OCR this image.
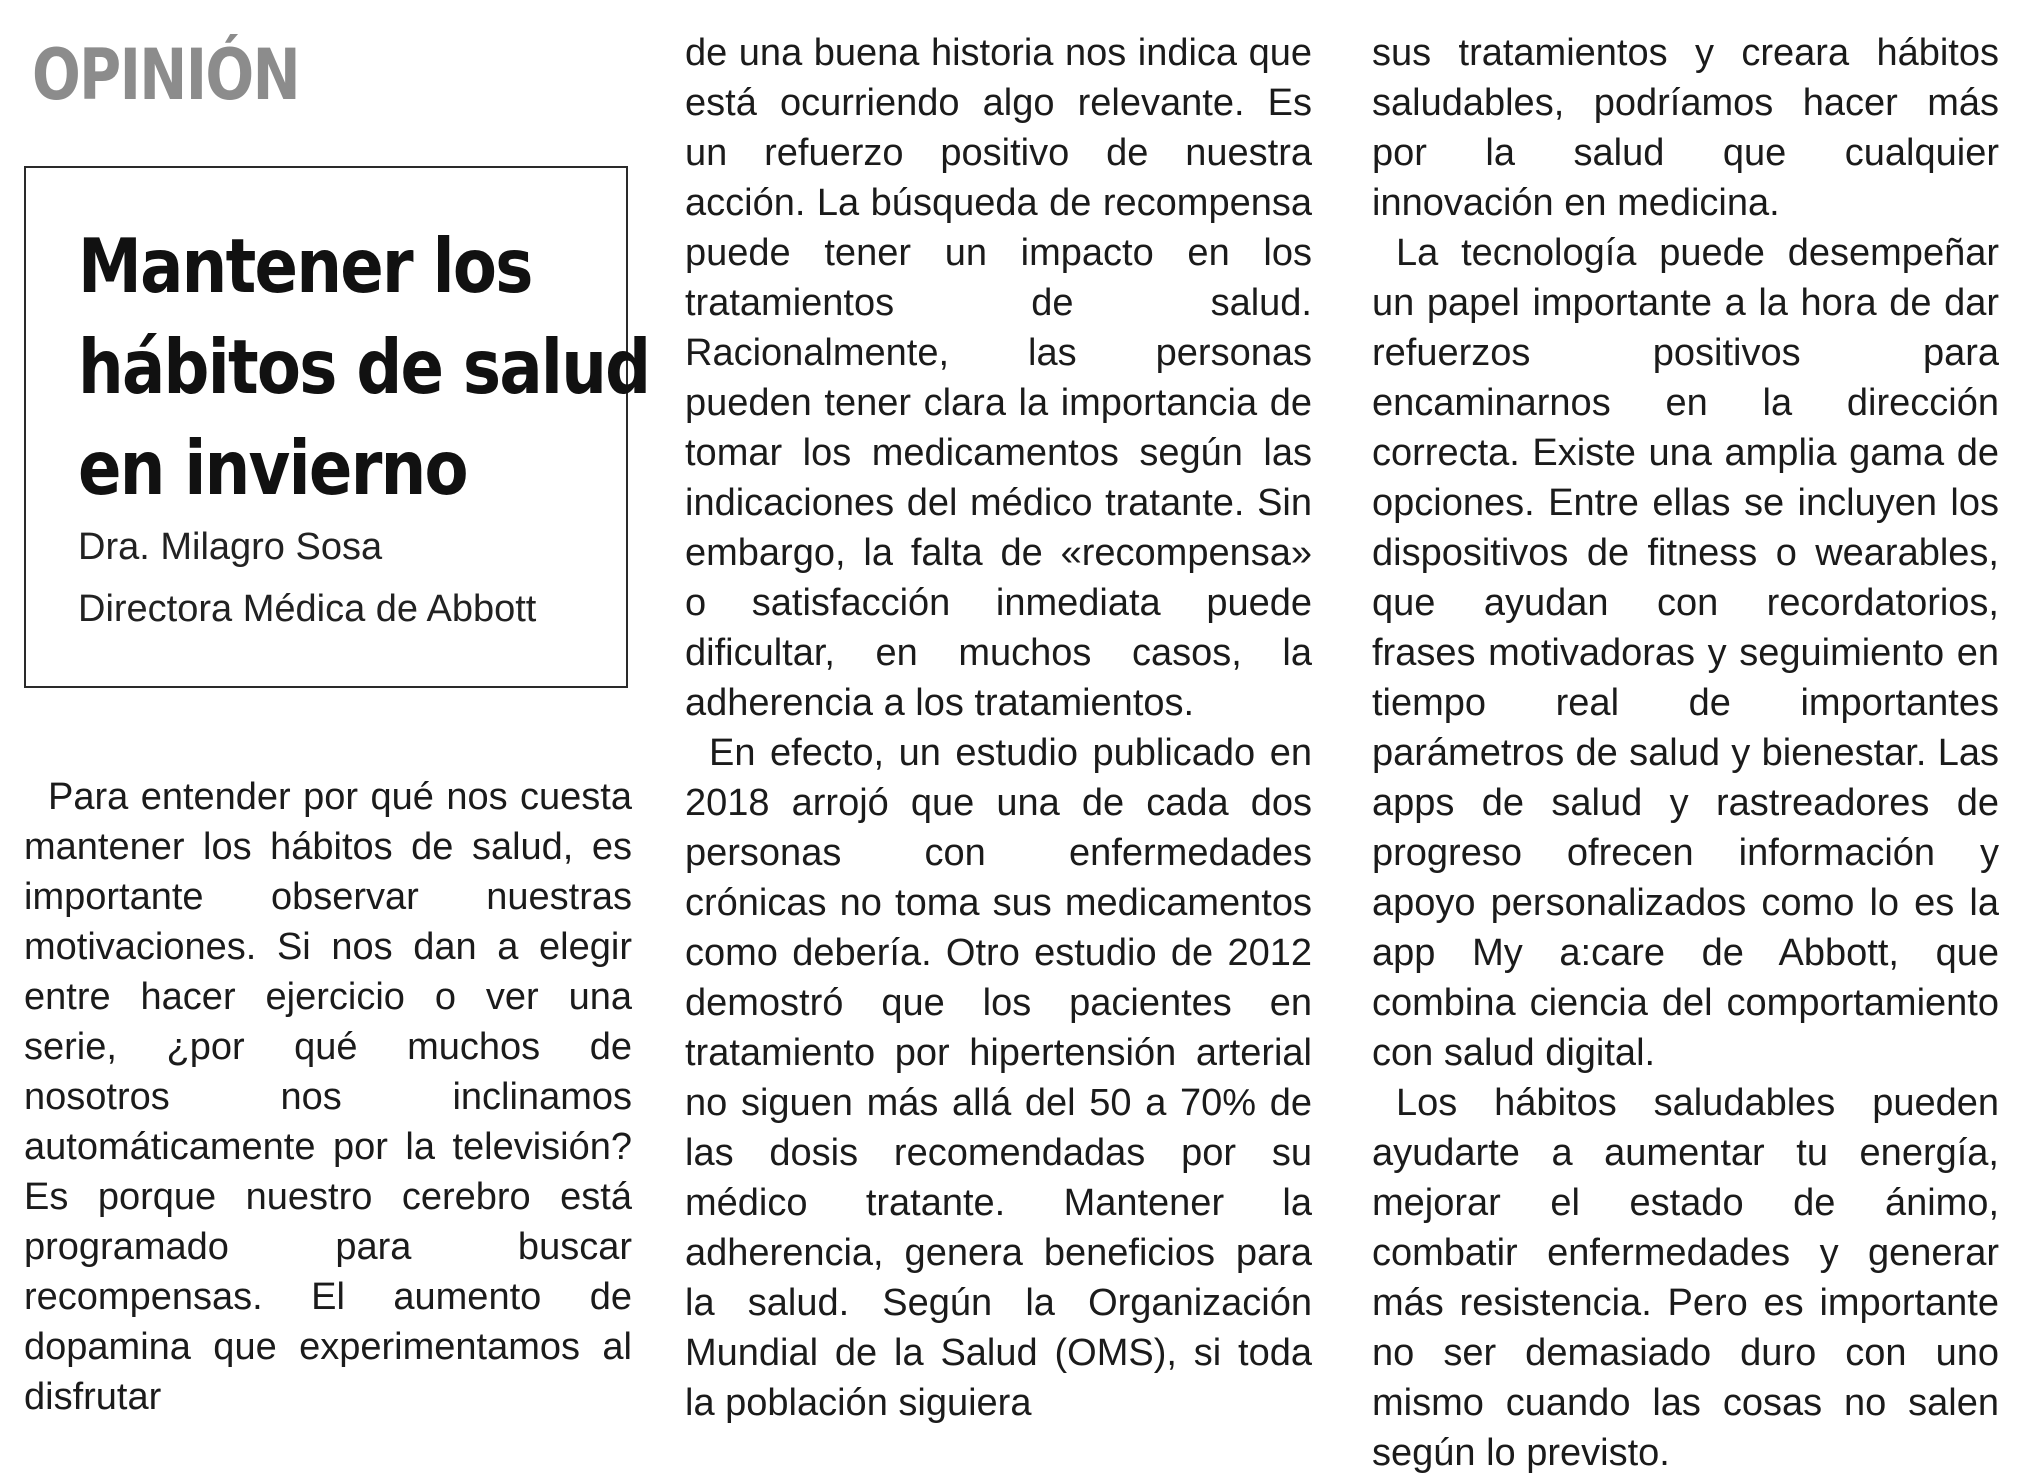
OPINIÓN
Mantener los
hábitos de salud
en invierno

Dra. Milagro Sosa

Directora Médica de Abbott

Para entender por qué nos cuesta mantener los hábitos de salud, es importante observar nuestras motivaciones. Si nos dan a elegir entre hacer ejercicio o ver una serie, ¿por qué muchos de nosotros nos inclinamos automáticamente por la televisión? Es porque nuestro cerebro está programado para buscar recompensas. El aumento de dopamina que experimentamos al disfrutar

de una buena historia nos indica que está ocurriendo algo relevante. Es un refuerzo positivo de nuestra acción. La búsqueda de recompensa puede tener un impacto en los tratamientos de salud. Racionalmente, las personas pueden tener clara la importancia de tomar los medicamentos según las indicaciones del médico tratante. Sin embargo, la falta de «recompensa» o satisfacción inmediata puede dificultar, en muchos casos, la adherencia a los tratamientos.

En efecto, un estudio publicado en 2018 arrojó que una de cada dos personas con enfermedades crónicas no toma sus medicamentos como debería. Otro estudio de 2012 demostró que los pacientes en tratamiento por hipertensión arterial no siguen más allá del 50 a 70% de las dosis recomendadas por su médico tratante. Mantener la adherencia, genera beneficios para la salud. Según la Organización Mundial de la Salud (OMS), si toda la población siguiera

sus tratamientos y creara hábitos saludables, podríamos hacer más por la salud que cualquier innovación en medicina.

La tecnología puede desempeñar un papel importante a la hora de dar refuerzos positivos para encaminarnos en la dirección correcta. Existe una amplia gama de opciones. Entre ellas se incluyen los dispositivos de fitness o wearables, que ayudan con recordatorios, frases motivadoras y seguimiento en tiempo real de importantes parámetros de salud y bienestar. Las apps de salud y rastreadores de progreso ofrecen información y apoyo personalizados como lo es la app My a:care de Abbott, que combina ciencia del comportamiento con salud digital.

Los hábitos saludables pueden ayudarte a aumentar tu energía, mejorar el estado de ánimo, combatir enfermedades y generar más resistencia. Pero es importante no ser demasiado duro con uno mismo cuando las cosas no salen según lo previsto.
